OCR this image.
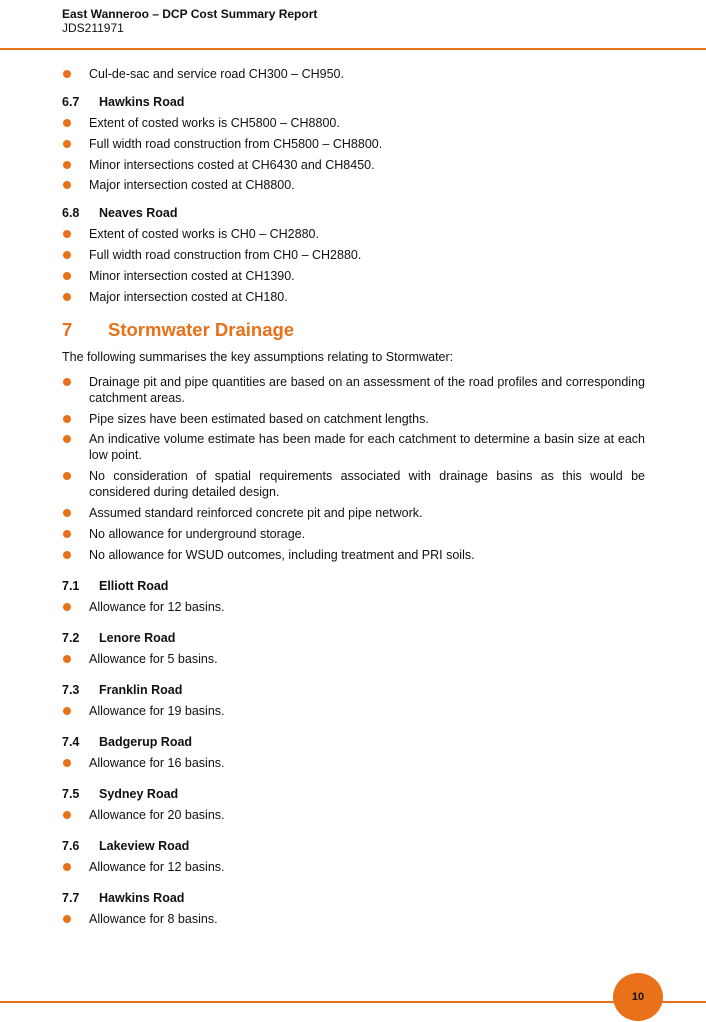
East Wanneroo – DCP Cost Summary Report
JDS211971
Cul-de-sac and service road CH300 – CH950.
6.7	Hawkins Road
Extent of costed works is CH5800 – CH8800.
Full width road construction from CH5800 – CH8800.
Minor intersections costed at CH6430 and CH8450.
Major intersection costed at CH8800.
6.8	Neaves Road
Extent of costed works is CH0 – CH2880.
Full width road construction from CH0 – CH2880.
Minor intersection costed at CH1390.
Major intersection costed at CH180.
7	Stormwater Drainage
The following summarises the key assumptions relating to Stormwater:
Drainage pit and pipe quantities are based on an assessment of the road profiles and corresponding catchment areas.
Pipe sizes have been estimated based on catchment lengths.
An indicative volume estimate has been made for each catchment to determine a basin size at each low point.
No consideration of spatial requirements associated with drainage basins as this would be considered during detailed design.
Assumed standard reinforced concrete pit and pipe network.
No allowance for underground storage.
No allowance for WSUD outcomes, including treatment and PRI soils.
7.1	Elliott Road
Allowance for 12 basins.
7.2	Lenore Road
Allowance for 5 basins.
7.3	Franklin Road
Allowance for 19 basins.
7.4	Badgerup Road
Allowance for 16 basins.
7.5	Sydney Road
Allowance for 20 basins.
7.6	Lakeview Road
Allowance for 12 basins.
7.7	Hawkins Road
Allowance for 8 basins.
10
